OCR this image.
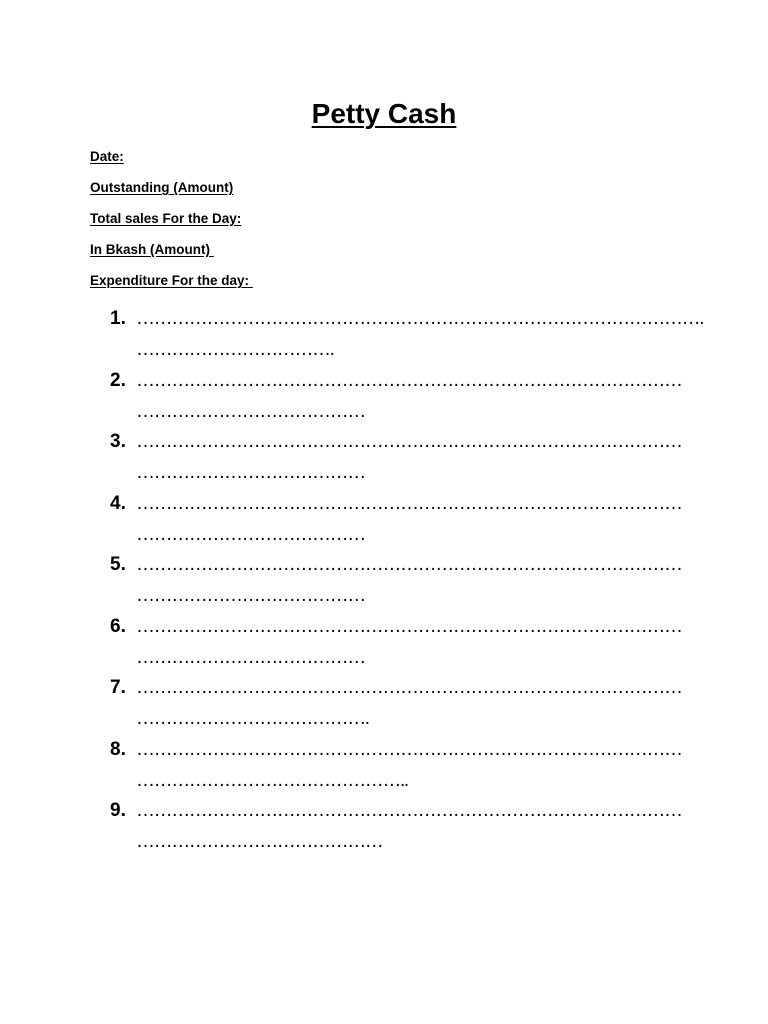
Petty Cash
Date:
Outstanding (Amount)
Total sales For the Day:
In Bkash (Amount)
Expenditure For the day:
1. …………………………………………………………………………………….
…………………………….
2. …………………………………………………………………………………
…………………………………
3. …………………………………………………………………………………
…………………………………
4. …………………………………………………………………………………
…………………………………
5. …………………………………………………………………………………
…………………………………
6. …………………………………………………………………………………
…………………………………
7. …………………………………………………………………………………
………………………………….
8. …………………………………………………………………………………
………………………………………..
9. …………………………………………………………………………………
……………………………………
